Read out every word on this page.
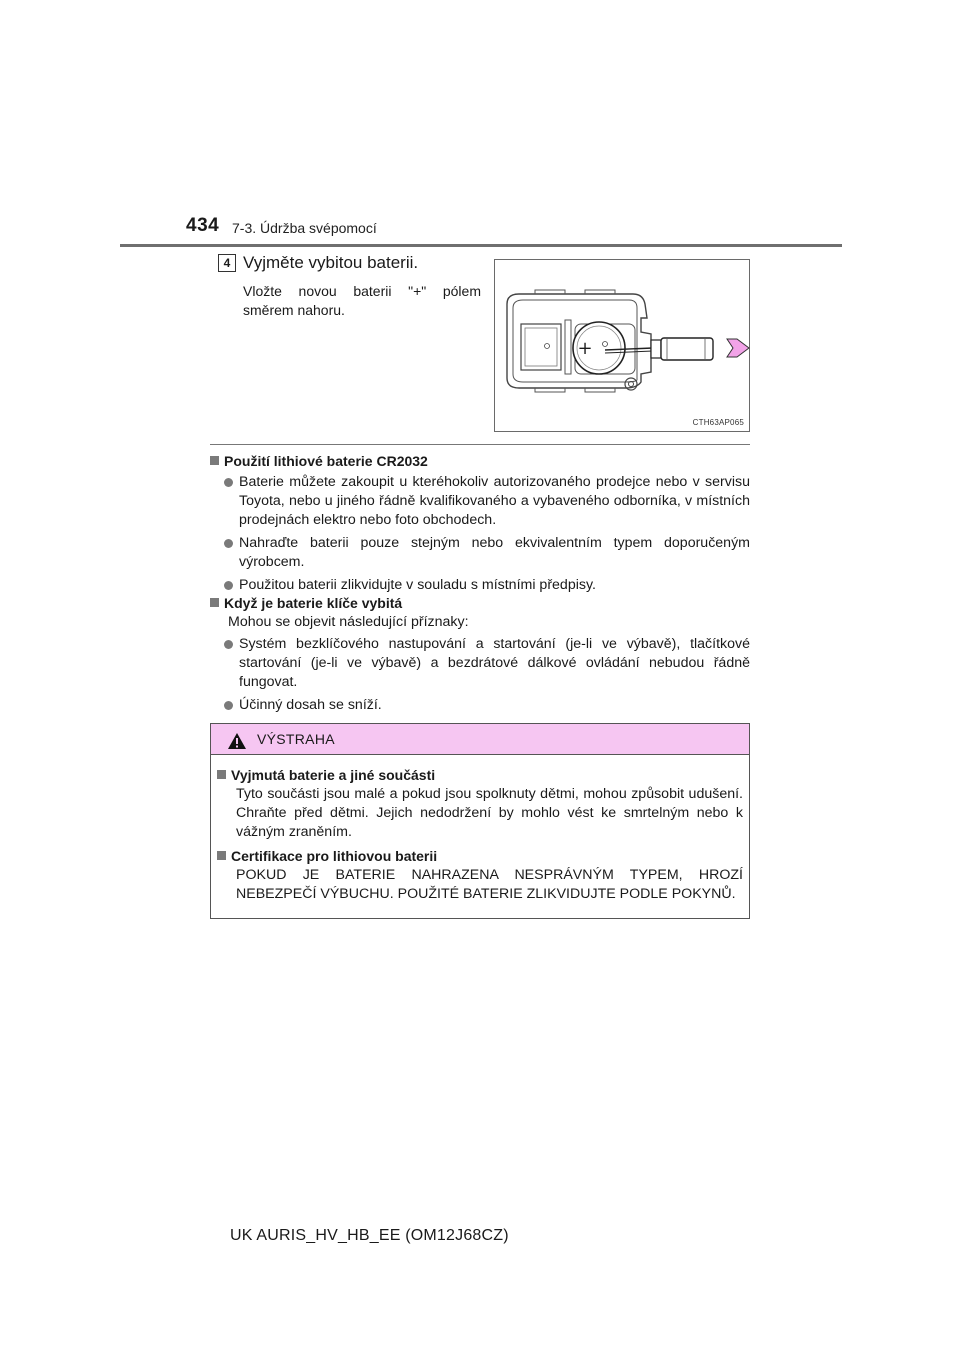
434 7-3. Údržba svépomocí
4 Vyjměte vybitou baterii.
Vložte novou baterii "+" pólem
směrem nahoru.
+
CTH63AP065
Použití lithiové baterie CR2032
Baterie můžete zakoupit u kteréhokoliv autorizovaného prodejce nebo v servisu Toyota, nebo u jiného řádně kvalifikovaného a vybaveného odborníka, v místních prodejnách elektro nebo foto obchodech.
Nahraďte baterii pouze stejným nebo ekvivalentním typem doporučeným výrobcem.
Použitou baterii zlikvidujte v souladu s místními předpisy.
Když je baterie klíče vybitá
Mohou se objevit následující příznaky:
Systém bezklíčového nastupování a startování (je-li ve výbavě), tlačítkové startování (je-li ve výbavě) a bezdrátové dálkové ovládání nebudou řádně fungovat.
Účinný dosah se sníží.
VÝSTRAHA
Vyjmutá baterie a jiné součásti
Tyto součásti jsou malé a pokud jsou spolknuty dětmi, mohou způsobit udušení. Chraňte před dětmi. Jejich nedodržení by mohlo vést ke smrtelným nebo k vážným zraněním.
Certifikace pro lithiovou baterii
POKUD JE BATERIE NAHRAZENA NESPRÁVNÝM TYPEM, HROZÍ NEBEZPEČÍ VÝBUCHU. POUŽITÉ BATERIE ZLIKVIDUJTE PODLE POKYNŮ.
UK AURIS_HV_HB_EE (OM12J68CZ)
